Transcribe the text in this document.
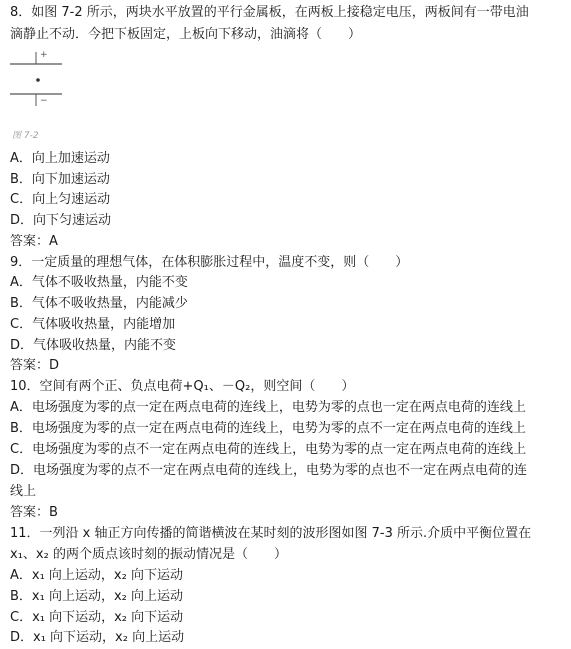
8．如图 7-2 所示，两块水平放置的平行金属板，在两板上接稳定电压，两板间有一带电油
滴静止不动．今把下板固定，上板向下移动，油滴将（　　）
+
−
图 7-2
A．向上加速运动
B．向下加速运动
C．向上匀速运动
D．向下匀速运动
答案：A
9．一定质量的理想气体，在体积膨胀过程中，温度不变，则（　　）
A．气体不吸收热量，内能不变
B．气体不吸收热量，内能减少
C．气体吸收热量，内能增加
D．气体吸收热量，内能不变
答案：D
10．空间有两个正、负点电荷+Q₁、－Q₂，则空间（　　）
A．电场强度为零的点一定在两点电荷的连线上，电势为零的点也一定在两点电荷的连线上
B．电场强度为零的点一定在两点电荷的连线上，电势为零的点不一定在两点电荷的连线上
C．电场强度为零的点不一定在两点电荷的连线上，电势为零的点一定在两点电荷的连线上
D．电场强度为零的点不一定在两点电荷的连线上，电势为零的点也不一定在两点电荷的连
线上
答案：B
11．一列沿 x 轴正方向传播的简谐横波在某时刻的波形图如图 7-3 所示.介质中平衡位置在
x₁、x₂ 的两个质点该时刻的振动情况是（　　）
A．x₁ 向上运动，x₂ 向下运动
B．x₁ 向上运动，x₂ 向上运动
C．x₁ 向下运动，x₂ 向下运动
D．x₁ 向下运动，x₂ 向上运动
